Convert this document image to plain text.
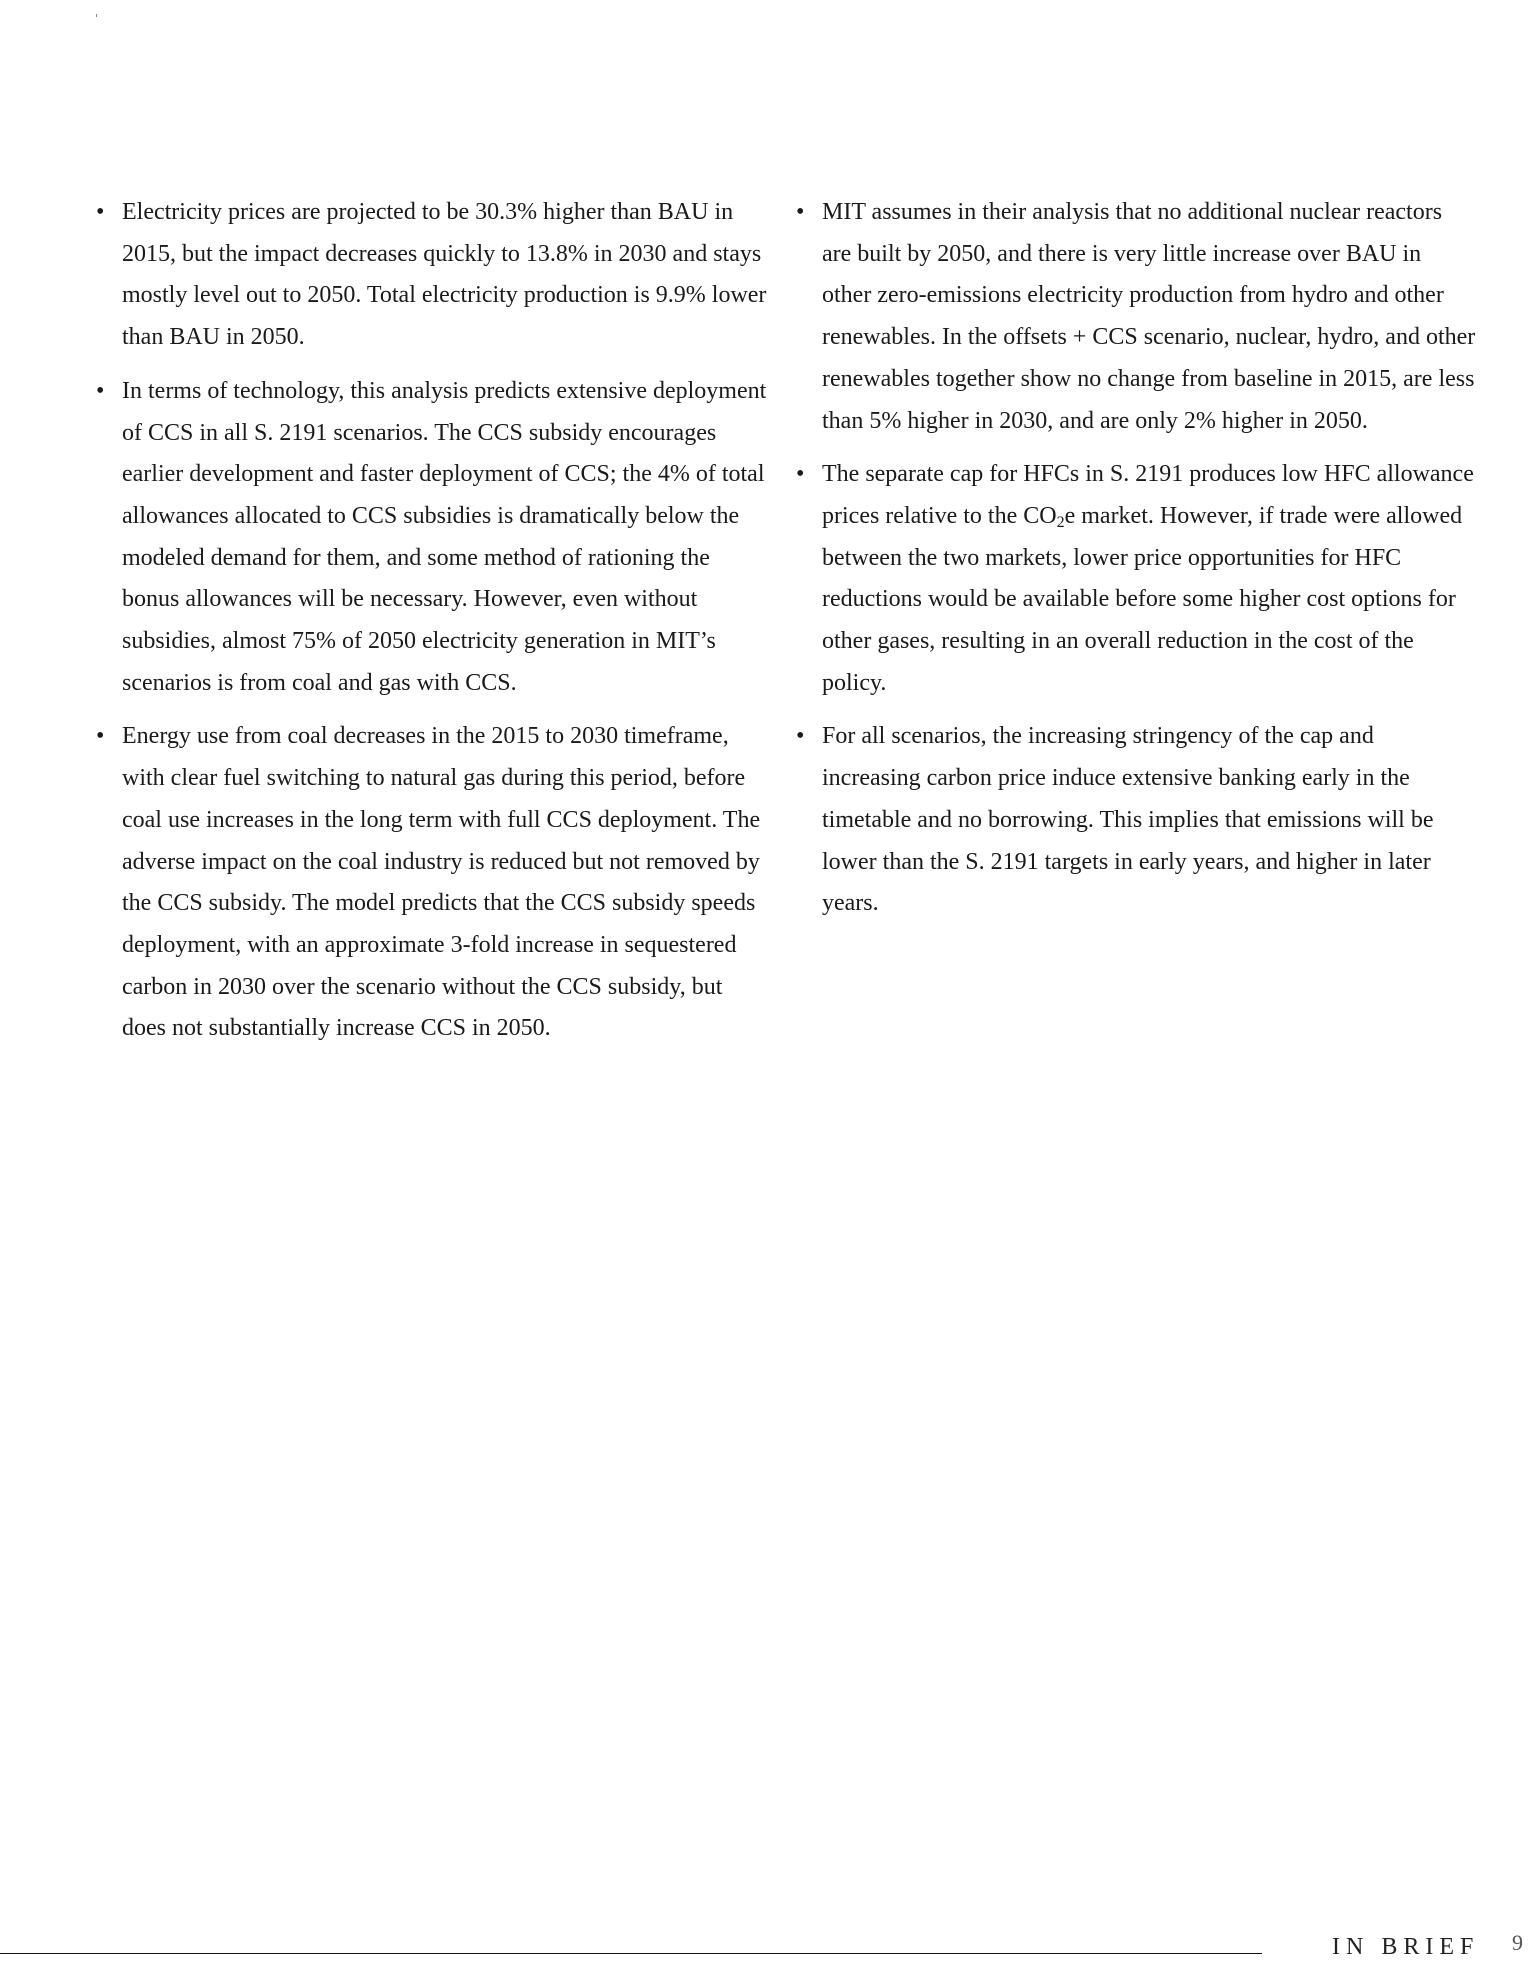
• Electricity prices are projected to be 30.3% higher than BAU in 2015, but the impact decreases quickly to 13.8% in 2030 and stays mostly level out to 2050. Total electricity production is 9.9% lower than BAU in 2050.
• In terms of technology, this analysis predicts extensive deployment of CCS in all S. 2191 scenarios. The CCS subsidy encourages earlier development and faster deployment of CCS; the 4% of total allowances allocated to CCS subsidies is dramatically below the modeled demand for them, and some method of rationing the bonus allowances will be necessary. However, even without subsidies, almost 75% of 2050 electricity generation in MIT’s scenarios is from coal and gas with CCS.
• Energy use from coal decreases in the 2015 to 2030 timeframe, with clear fuel switching to natural gas during this period, before coal use increases in the long term with full CCS deployment. The adverse impact on the coal industry is reduced but not removed by the CCS subsidy. The model predicts that the CCS subsidy speeds deployment, with an approximate 3-fold increase in sequestered carbon in 2030 over the scenario without the CCS subsidy, but does not substantially increase CCS in 2050.
• MIT assumes in their analysis that no additional nuclear reactors are built by 2050, and there is very little increase over BAU in other zero-emissions electricity production from hydro and other renewables. In the offsets + CCS scenario, nuclear, hydro, and other renewables together show no change from baseline in 2015, are less than 5% higher in 2030, and are only 2% higher in 2050.
• The separate cap for HFCs in S. 2191 produces low HFC allowance prices relative to the $CO_2e$ market. However, if trade were allowed between the two markets, lower price opportunities for HFC reductions would be available before some higher cost options for other gases, resulting in an overall reduction in the cost of the policy.
• For all scenarios, the increasing stringency of the cap and increasing carbon price induce extensive banking early in the timetable and no borrowing. This implies that emissions will be lower than the S. 2191 targets in early years, and higher in later years.
IN BRIEF 9
